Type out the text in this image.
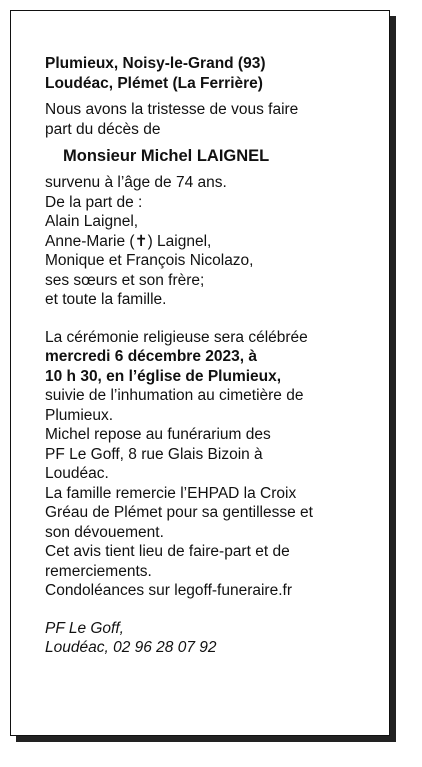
Plumieux, Noisy-le-Grand (93)
Loudéac, Plémet (La Ferrière)
Nous avons la tristesse de vous faire
part du décès de
Monsieur Michel LAIGNEL
survenu à l’âge de 74 ans.
De la part de :
Alain Laignel,
Anne-Marie (✝) Laignel,
Monique et François Nicolazo,
ses sœurs et son frère;
et toute la famille.
La cérémonie religieuse sera célébrée
mercredi 6 décembre 2023, à
10 h 30, en l’église de Plumieux,
suivie de l’inhumation au cimetière de
Plumieux.
Michel repose au funérarium des
PF Le Goff, 8 rue Glais Bizoin à
Loudéac.
La famille remercie l’EHPAD la Croix
Gréau de Plémet pour sa gentillesse et
son dévouement.
Cet avis tient lieu de faire-part et de
remerciements.
Condoléances sur legoff-funeraire.fr
PF Le Goff,
Loudéac, 02 96 28 07 92
